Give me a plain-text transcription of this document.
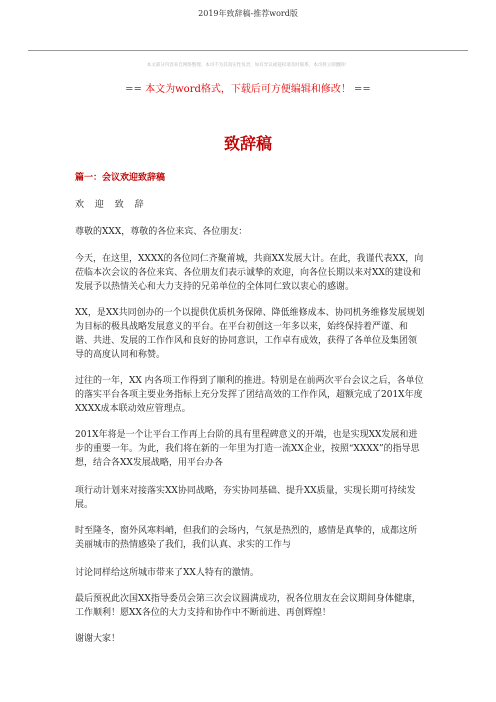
2019年致辞稿-推荐word版
本文部分内容来自网络整理，本司不为其真实性负责，如有异议或侵权请及时联系，本司将立即删除！
== 本文为word格式，下载后可方便编辑和修改！ ==
致辞稿

篇一：会议欢迎致辞稿

欢 迎 致 辞

尊敬的XXX，尊敬的各位来宾、各位朋友：

今天，在这里，XXXX的各位同仁齐聚莆城，共商XX发展大计。在此，我谨代表XX，向莅临本次会议的各位来宾、各位朋友们表示诚挚的欢迎，向各位长期以来对XX的建设和发展予以热情关心和大力支持的兄弟单位的全体同仁致以衷心的感谢。

XX，是XX共同创办的一个以提供优质机务保障、降低维修成本、协同机务维修发展规划为目标的极具战略发展意义的平台。在平台初创这一年多以来，始终保持着严谨、和谐、共进、发展的工作作风和良好的协同意识，工作卓有成效，获得了各单位及集团领导的高度认同和称赞。

过往的一年，XX 内各项工作得到了顺利的推进。特别是在前两次平台会议之后，各单位的落实平台各项主要业务指标上充分发挥了团结高效的工作作风，超额完成了201X年度XXXX成本联动效应管理点。

201X年将是一个让平台工作再上台阶的具有里程碑意义的开端，也是实现XX发展和进步的重要一年。为此，我们将在新的一年里为打造一流XX企业，按照“XXXX”的指导思想，结合各XX发展战略，用平台办各

项行动计划来对接落实XX协同战略，夯实协同基础、提升XX质量，实现长期可持续发展。

时至隆冬，窗外风寒料峭，但我们的会场内，气氛是热烈的，感情是真挚的，成都这所美丽城市的热情感染了我们，我们认真、求实的工作与

讨论同样给这所城市带来了XX人特有的激情。

最后预祝此次国XX指导委员会第三次会议圆满成功，祝各位朋友在会议期间身体健康，工作顺利！愿XX各位的大力支持和协作中不断前进、再创辉煌！

谢谢大家！
